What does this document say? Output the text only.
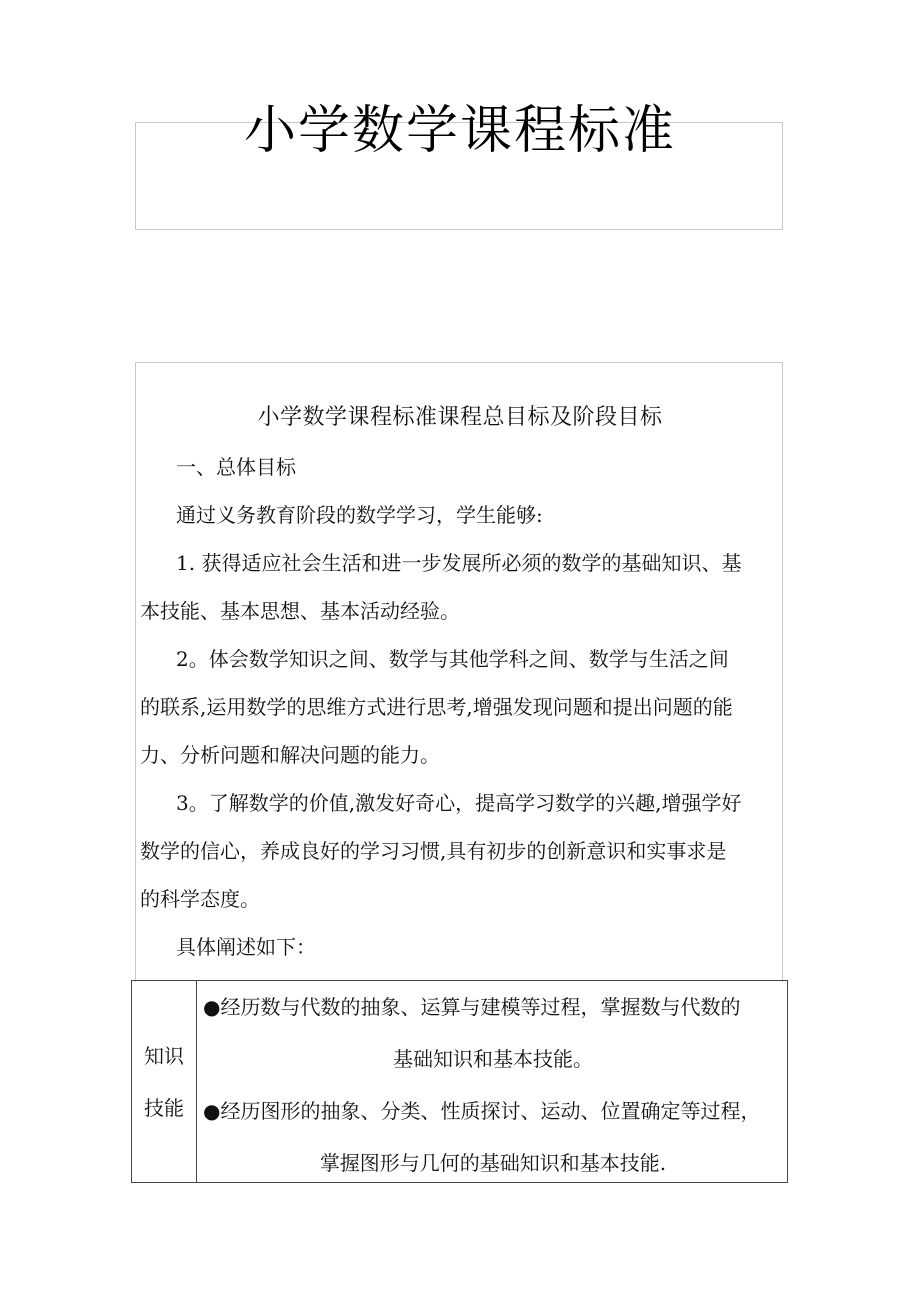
小学数学课程标准

小学数学课程标准课程总目标及阶段目标

一、总体目标

通过义务教育阶段的数学学习，学生能够:

1. 获得适应社会生活和进一步发展所必须的数学的基础知识、基

本技能、基本思想、基本活动经验。

2。体会数学知识之间、数学与其他学科之间、数学与生活之间

的联系,运用数学的思维方式进行思考,增强发现问题和提出问题的能

力、分析问题和解决问题的能力。

3。了解数学的价值,激发好奇心，提高学习数学的兴趣,增强学好

数学的信心，养成良好的学习习惯,具有初步的创新意识和实事求是

的科学态度。

具体阐述如下：

知识
技能
●经历数与代数的抽象、运算与建模等过程，掌握数与代数的
基础知识和基本技能。
●经历图形的抽象、分类、性质探讨、运动、位置确定等过程，
掌握图形与几何的基础知识和基本技能.
